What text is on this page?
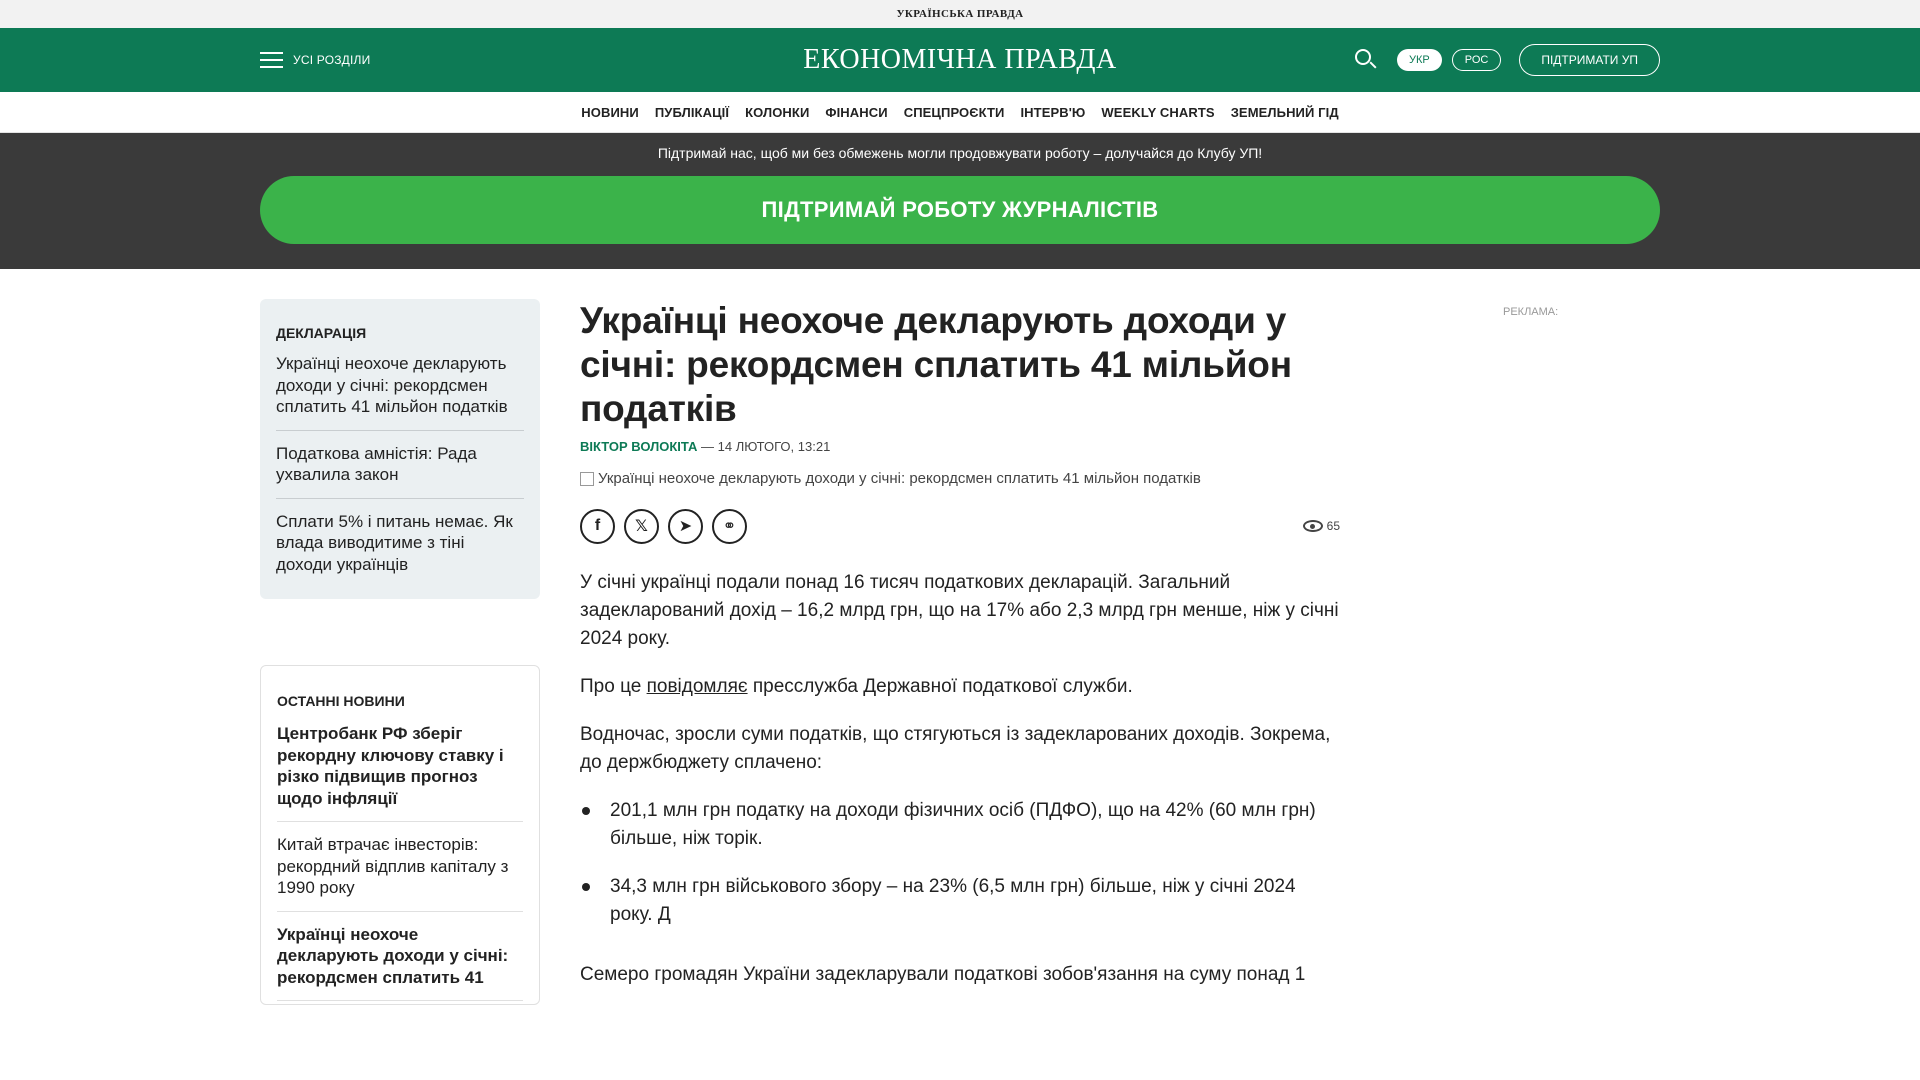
УКРАЇНСЬКА ПРАВДА
УСІ РОЗДІЛИ	ЕКОНОМІЧНА ПРАВДА	УКР	РОС	ПІДТРИМАТИ УП
НОВИНИ ПУБЛІКАЦІЇ КОЛОНКИ ФІНАНСИ СПЕЦПРОЄКТИ ІНТЕРВ'Ю WEEKLY CHARTS ЗЕМЕЛЬНИЙ ГІД
Підтримай нас, щоб ми без обмежень могли продовжувати роботу – долучайся до Клубу УП!
ПІДТРИМАЙ РОБОТУ ЖУРНАЛІСТІВ
ДЕКЛАРАЦІЯ
Українці неохоче декларують доходи у січні: рекордсмен сплатить 41 мільйон податків
Податкова амністія: Рада ухвалила закон
Сплати 5% і питань немає. Як влада виводитиме з тіні доходи українців
ОСТАННІ НОВИНИ
Центробанк РФ зберіг рекордну ключову ставку і різко підвищив прогноз щодо інфляції
Китай втрачає інвесторів: рекордний відплив капіталу з 1990 року
Українці неохоче декларують доходи у січні: рекордсмен сплатить 41
Українці неохоче декларують доходи у січні: рекордсмен сплатить 41 мільйон податків
ВІКТОР ВОЛОКІТА — 14 ЛЮТОГО, 13:21
Українці неохоче декларують доходи у січні: рекордсмен сплатить 41 мільйон податків
f	𝕏	➤	⚭	65

У січні українці подали понад 16 тисяч податкових декларацій. Загальний задекларований дохід – 16,2 млрд грн, що на 17% або 2,3 млрд грн менше, ніж у січні 2024 року.

Про це повідомляє пресслужба Державної податкової служби.

Водночас, зросли суми податків, що стягуються із задекларованих доходів. Зокрема, до держбюджету сплачено:

201,1 млн грн податку на доходи фізичних осіб (ПДФО), що на 42% (60 млн грн) більше, ніж торік.
34,3 млн грн військового збору – на 23% (6,5 млн грн) більше, ніж у січні 2024 року. Д

Семеро громадян України задекларували податкові зобов'язання на суму понад 1

РЕКЛАМА:
